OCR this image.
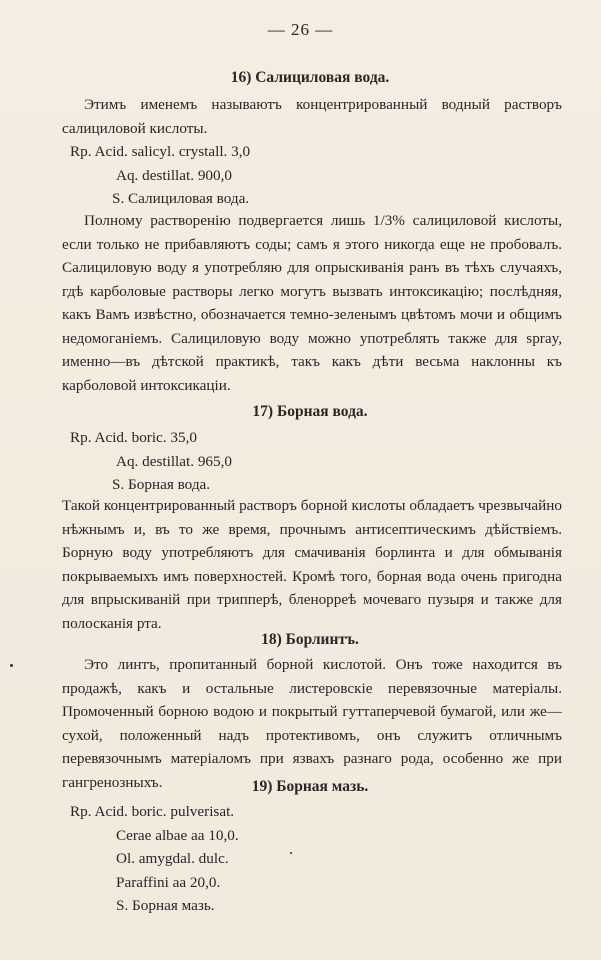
— 26 —
16) Салициловая вода.
Этимъ именемъ называютъ концентрированный водный растворъ салициловой кислоты.
Rp. Acid. salicyl. crystall. 3,0
Aq. destillat. 900,0
S. Салициловая вода.
Полному растворенію подвергается лишь 1/3% салициловой кислоты, если только не прибавляютъ соды; самъ я этого никогда еще не пробовалъ. Салициловую воду я употребляю для опрыскиванія ранъ въ тѣхъ случаяхъ, гдѣ карболовые растворы легко могутъ вызвать интоксикацію; послѣдняя, какъ Вамъ извѣстно, обозначается темно-зеленымъ цвѣтомъ мочи и общимъ недомоганіемъ. Салициловую воду можно употреблять также для spray, именно—въ дѣтской практикѣ, такъ какъ дѣти весьма наклонны къ карболовой интоксикаціи.
17) Борная вода.
Rp. Acid. boric. 35,0
Aq. destillat. 965,0
S. Борная вода.
Такой концентрированный растворъ борной кислоты обладаетъ чрезвычайно нѣжнымъ и, въ то же время, прочнымъ антисептическимъ дѣйствіемъ. Борную воду употребляютъ для смачиванія борлинта и для обмыванія покрываемыхъ имъ поверхностей. Кромѣ того, борная вода очень пригодна для впрыскиваній при трипперѣ, бленорреѣ мочеваго пузыря и также для полосканія рта.
18) Борлинтъ.
Это линтъ, пропитанный борной кислотой. Онъ тоже находится въ продажѣ, какъ и остальные листеровскіе перевязочные матеріалы. Промоченный борною водою и покрытый гуттаперчевой бумагой, или же—сухой, положенный надъ протективомъ, онъ служитъ отличнымъ перевязочнымъ матеріаломъ при язвахъ разнаго рода, особенно же при гангренозныхъ.	19) Борная мазь.
Rp. Acid. boric. pulverisat.
Cerae albae aa 10,0.
Ol. amygdal. dulc.
Paraffini aa 20,0.
S. Борная мазь.
